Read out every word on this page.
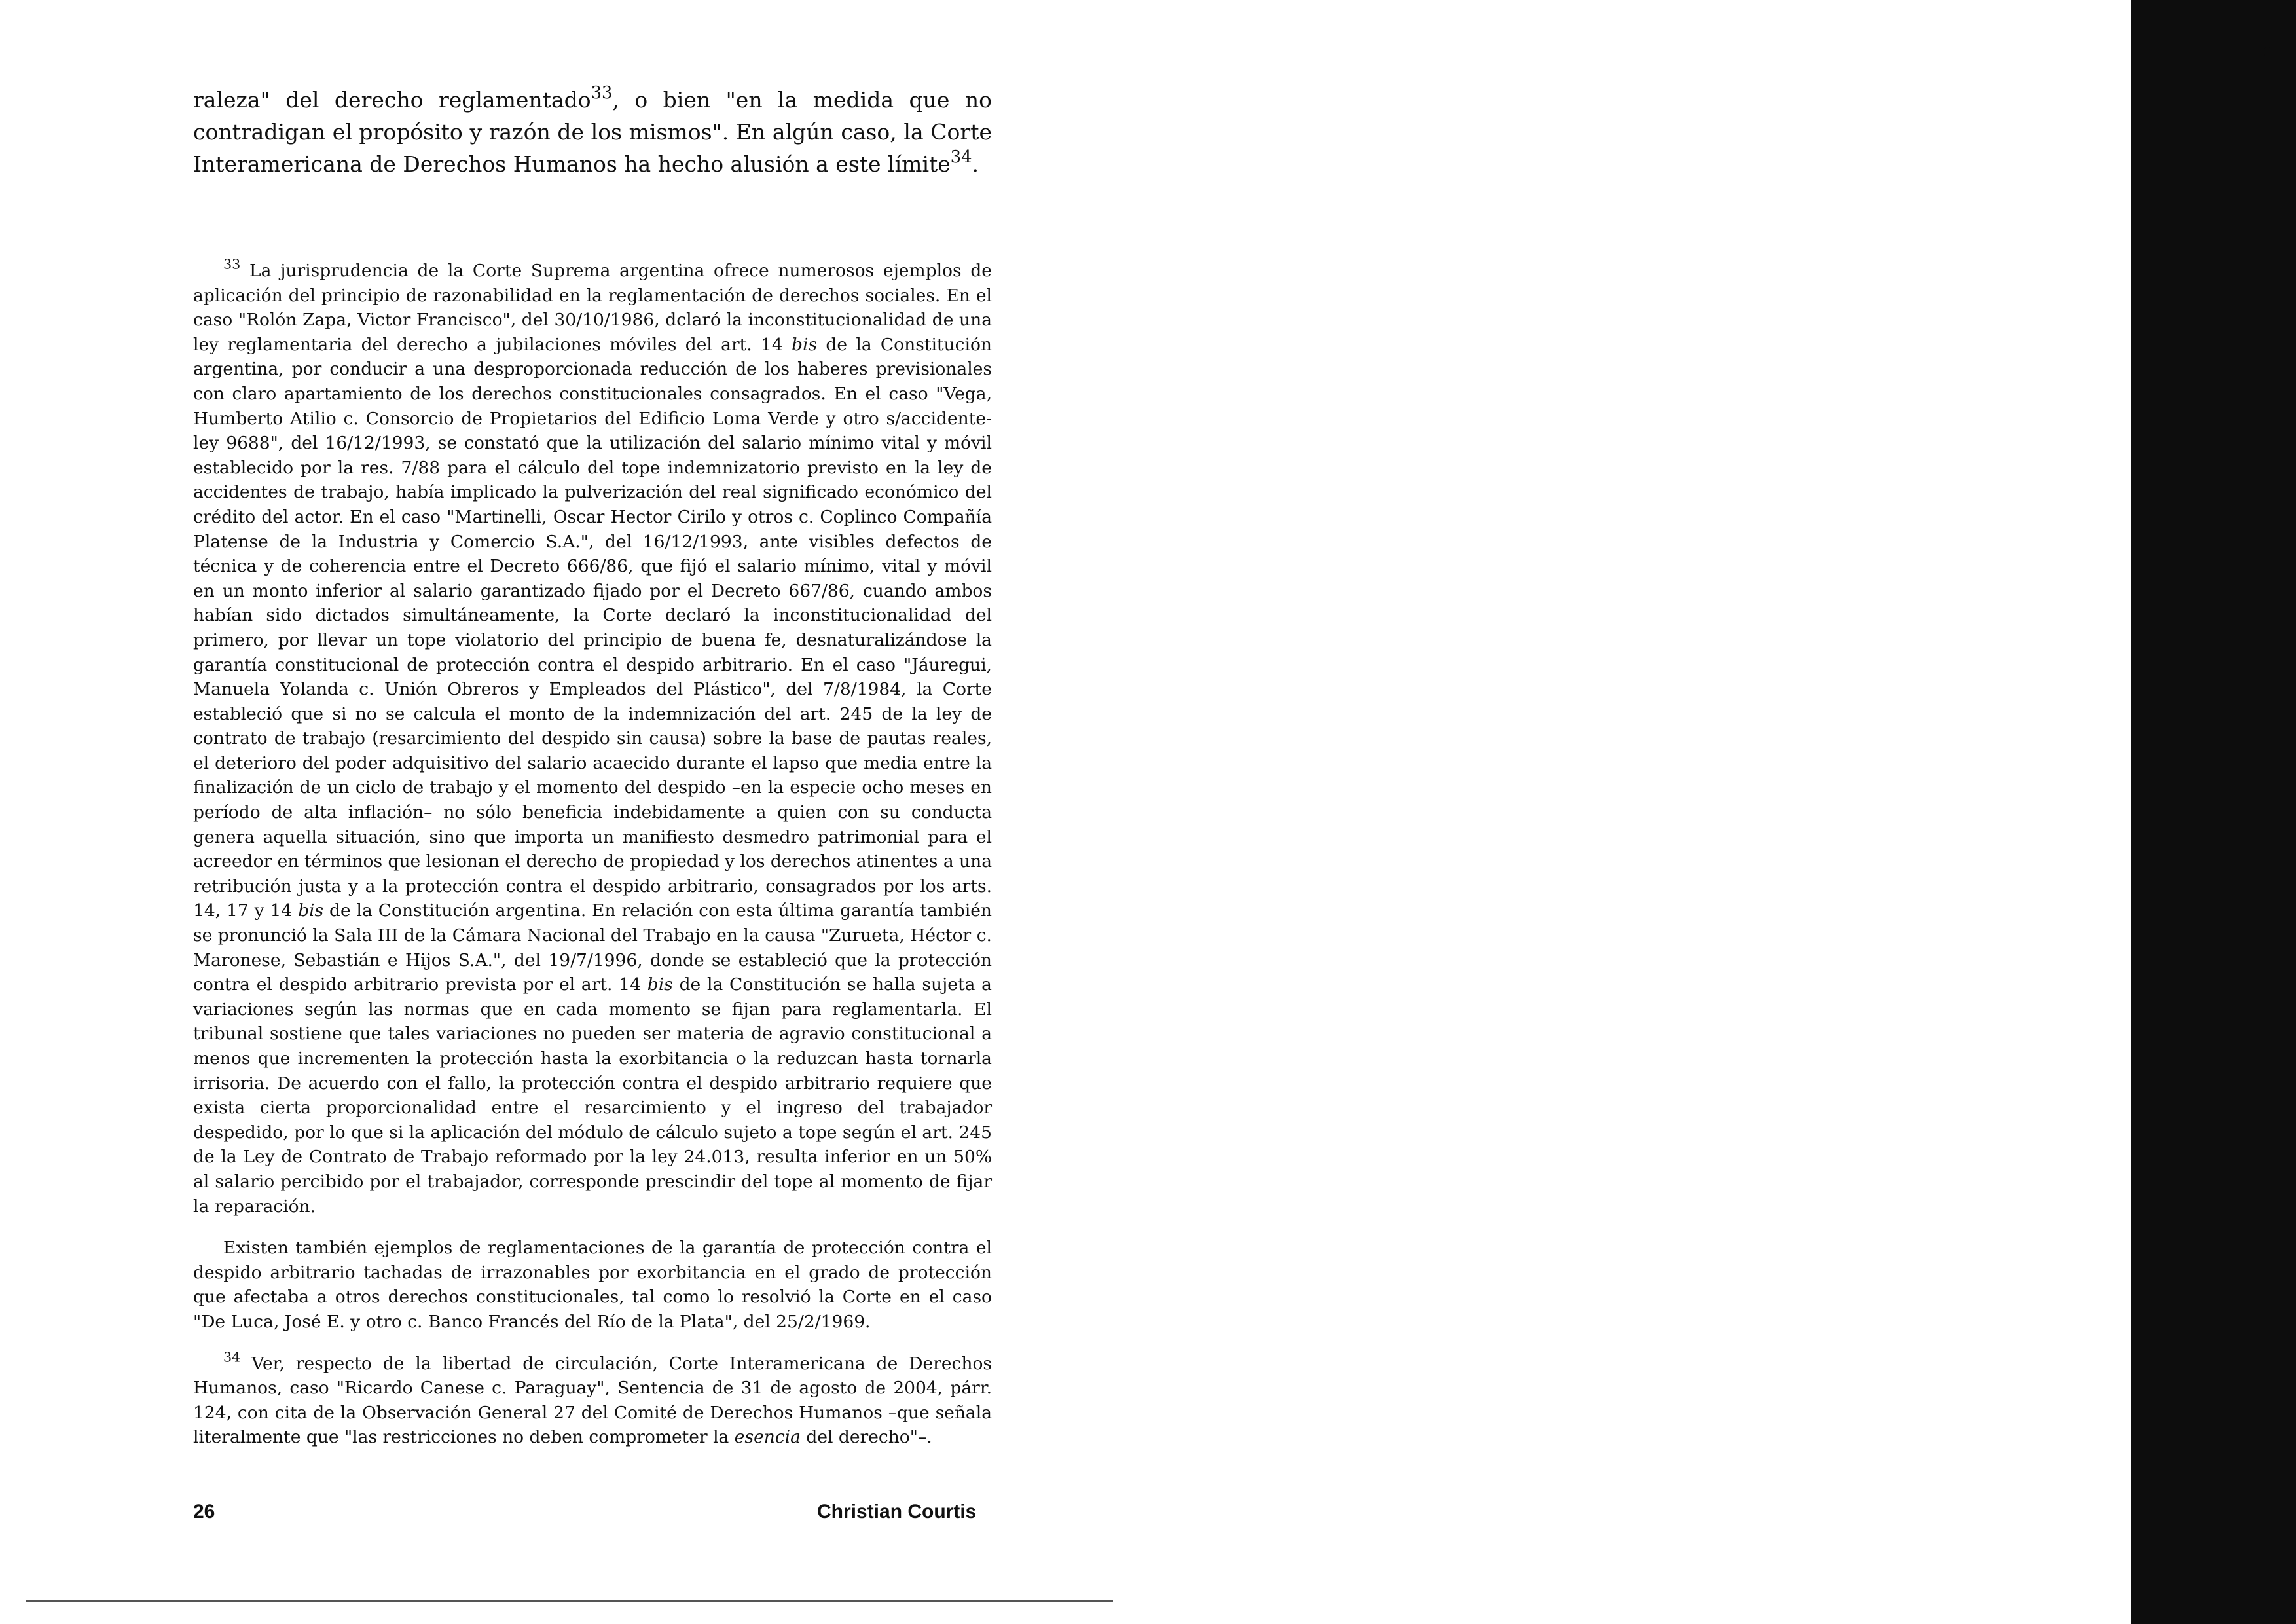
raleza" del derecho reglamentado$^{33}$, o bien "en la medida que no contradigan el propósito y razón de los mismos". En algún caso, la Corte Interamericana de Derechos Humanos ha hecho alusión a este límite$^{34}$.

$^{33}$ La jurisprudencia de la Corte Suprema argentina ofrece numerosos ejemplos de aplicación del principio de razonabilidad en la reglamentación de derechos sociales. En el caso "Rolón Zapa, Victor Francisco", del 30/10/1986, dclaró la inconstitucionalidad de una ley reglamentaria del derecho a jubilaciones móviles del art. 14 bis de la Constitución argentina, por conducir a una desproporcionada reducción de los haberes previsionales con claro apartamiento de los derechos constitucionales consagrados. En el caso "Vega, Humberto Atilio c. Consorcio de Propietarios del Edificio Loma Verde y otro s/accidente-ley 9688", del 16/12/1993, se constató que la utilización del salario mínimo vital y móvil establecido por la res. 7/88 para el cálculo del tope indemnizatorio previsto en la ley de accidentes de trabajo, había implicado la pulverización del real significado económico del crédito del actor. En el caso "Martinelli, Oscar Hector Cirilo y otros c. Coplinco Compañía Platense de la Industria y Comercio S.A.", del 16/12/1993, ante visibles defectos de técnica y de coherencia entre el Decreto 666/86, que fijó el salario mínimo, vital y móvil en un monto inferior al salario garantizado fijado por el Decreto 667/86, cuando ambos habían sido dictados simultáneamente, la Corte declaró la inconstitucionalidad del primero, por llevar un tope violatorio del principio de buena fe, desnaturalizándose la garantía constitucional de protección contra el despido arbitrario. En el caso "Jáuregui, Manuela Yolanda c. Unión Obreros y Empleados del Plástico", del 7/8/1984, la Corte estableció que si no se calcula el monto de la indemnización del art. 245 de la ley de contrato de trabajo (resarcimiento del despido sin causa) sobre la base de pautas reales, el deterioro del poder adquisitivo del salario acaecido durante el lapso que media entre la finalización de un ciclo de trabajo y el momento del despido –en la especie ocho meses en período de alta inflación– no sólo beneficia indebidamente a quien con su conducta genera aquella situación, sino que importa un manifiesto desmedro patrimonial para el acreedor en términos que lesionan el derecho de propiedad y los derechos atinentes a una retribución justa y a la protección contra el despido arbitrario, consagrados por los arts. 14, 17 y 14 bis de la Constitución argentina. En relación con esta última garantía también se pronunció la Sala III de la Cámara Nacional del Trabajo en la causa "Zurueta, Héctor c. Maronese, Sebastián e Hijos S.A.", del 19/7/1996, donde se estableció que la protección contra el despido arbitrario prevista por el art. 14 bis de la Constitución se halla sujeta a variaciones según las normas que en cada momento se fijan para reglamentarla. El tribunal sostiene que tales variaciones no pueden ser materia de agravio constitucional a menos que incrementen la protección hasta la exorbitancia o la reduzcan hasta tornarla irrisoria. De acuerdo con el fallo, la protección contra el despido arbitrario requiere que exista cierta proporcionalidad entre el resarcimiento y el ingreso del trabajador despedido, por lo que si la aplicación del módulo de cálculo sujeto a tope según el art. 245 de la Ley de Contrato de Trabajo reformado por la ley 24.013, resulta inferior en un 50% al salario percibido por el trabajador, corresponde prescindir del tope al momento de fijar la reparación.

Existen también ejemplos de reglamentaciones de la garantía de protección contra el despido arbitrario tachadas de irrazonables por exorbitancia en el grado de protección que afectaba a otros derechos constitucionales, tal como lo resolvió la Corte en el caso "De Luca, José E. y otro c. Banco Francés del Río de la Plata", del 25/2/1969.

$^{34}$ Ver, respecto de la libertad de circulación, Corte Interamericana de Derechos Humanos, caso "Ricardo Canese c. Paraguay", Sentencia de 31 de agosto de 2004, párr. 124, con cita de la Observación General 27 del Comité de Derechos Humanos –que señala literalmente que "las restricciones no deben comprometer la esencia del derecho"–.

26	Christian Courtis
